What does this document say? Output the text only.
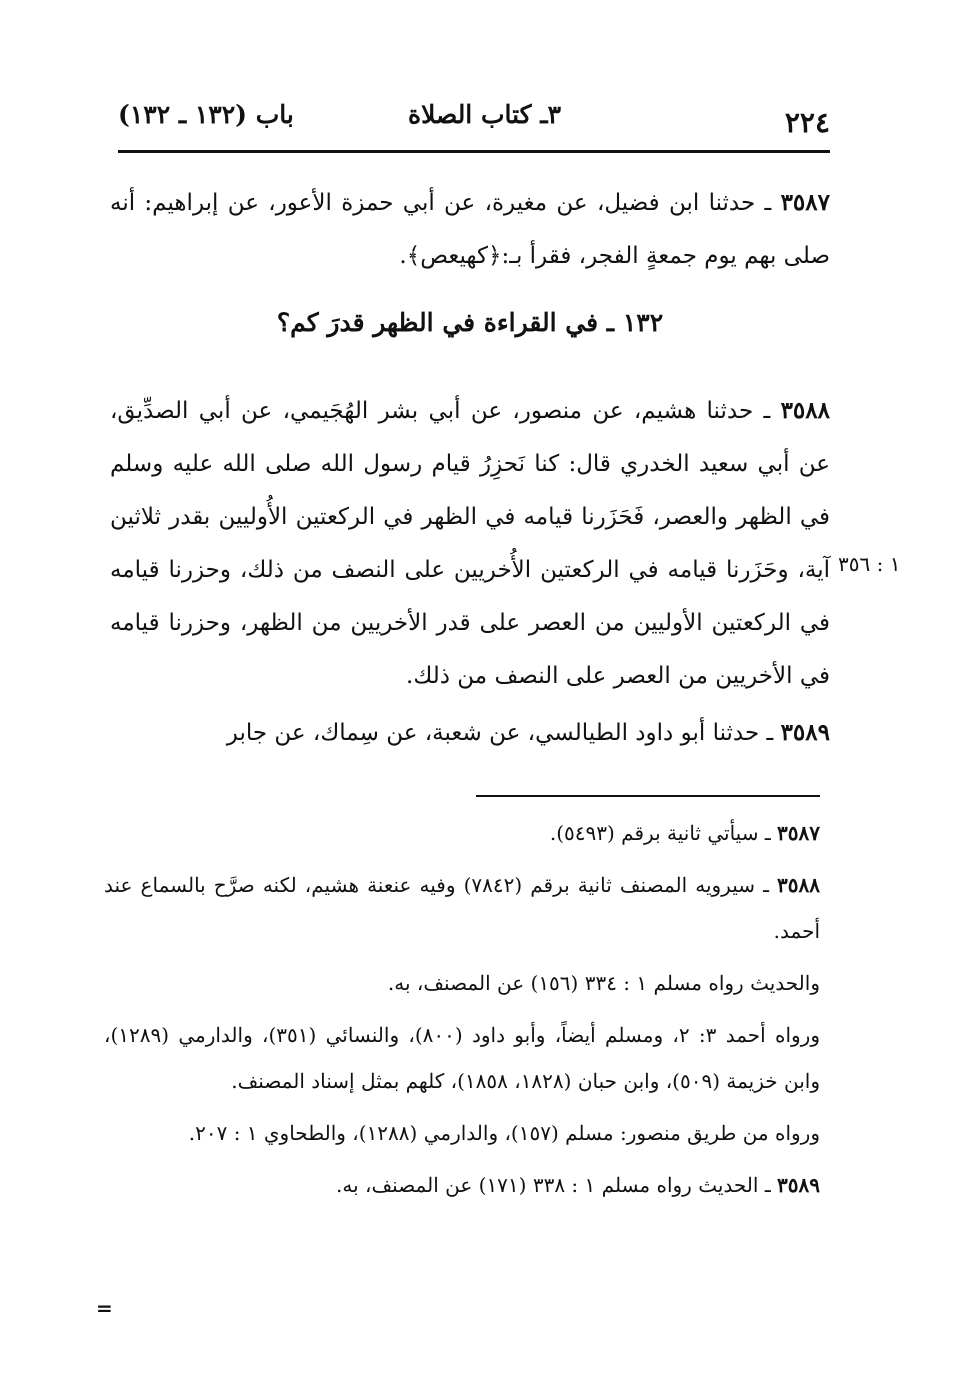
٢٢٤
٣ـ كتاب الصلاة
باب (١٣٢ ـ ١٣٢)
٣٥٨٧ ـ حدثنا ابن فضيل، عن مغيرة، عن أبي حمزة الأعور، عن إبراهيم: أنه صلى بهم يوم جمعةٍ الفجر، فقرأ بـ:﴿كهيعص﴾.
١٣٢ ـ في القراءة في الظهر قدرَ كم؟
٣٥٨٨ ـ حدثنا هشيم، عن منصور، عن أبي بشر الهُجَيمي، عن أبي الصدِّيق، عن أبي سعيد الخدري قال: كنا نَحزِرُ قيام رسول الله صلى الله عليه وسلم في الظهر والعصر، فَحَزَرنا قيامه في الظهر في الركعتين الأُوليين بقدر ثلاثين آية، وحَزَرنا قيامه في الركعتين الأُخريين على النصف من ذلك، وحزرنا قيامه في الركعتين الأوليين من العصر على قدر الأخريين من الظهر، وحزرنا قيامه في الأخريين من العصر على النصف من ذلك.
١ : ٣٥٦
٣٥٨٩ ـ حدثنا أبو داود الطيالسي، عن شعبة، عن سِماك، عن جابر

٣٥٨٧ ـ سيأتي ثانية برقم (٥٤٩٣).

٣٥٨٨ ـ سيرويه المصنف ثانية برقم (٧٨٤٢) وفيه عنعنة هشيم، لكنه صرَّح بالسماع عند أحمد.

والحديث رواه مسلم ١ : ٣٣٤ (١٥٦) عن المصنف، به.

ورواه أحمد ٣: ٢، ومسلم أيضاً، وأبو داود (٨٠٠)، والنسائي (٣٥١)، والدارمي (١٢٨٩)، وابن خزيمة (٥٠٩)، وابن حبان (١٨٢٨، ١٨٥٨)، كلهم بمثل إسناد المصنف.

ورواه من طريق منصور: مسلم (١٥٧)، والدارمي (١٢٨٨)، والطحاوي ١ : ٢٠٧.

٣٥٨٩ ـ الحديث رواه مسلم ١ : ٣٣٨ (١٧١) عن المصنف، به.

=
